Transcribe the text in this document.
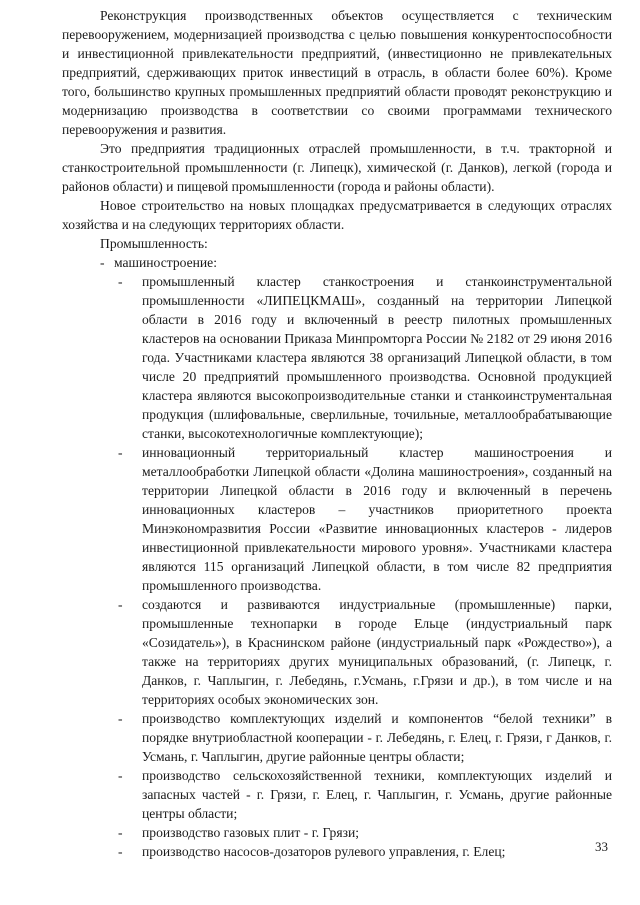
Реконструкция производственных объектов осуществляется с техническим перевооружением, модернизацией производства с целью повышения конкурентоспособности и инвестиционной привлекательности предприятий, (инвестиционно не привлекательных предприятий, сдерживающих приток инвестиций в отрасль, в области более 60%). Кроме того, большинство крупных промышленных предприятий области проводят реконструкцию и модернизацию производства в соответствии со своими программами технического перевооружения и развития.

Это предприятия традиционных отраслей промышленности, в т.ч. тракторной и станкостроительной промышленности (г. Липецк), химической (г. Данков), легкой (города и районов области) и пищевой промышленности (города и районы области).

Новое строительство на новых площадках предусматривается в следующих отраслях хозяйства и на следующих территориях области.

Промышленность:

- машиностроение:

- промышленный кластер станкостроения и станкоинструментальной промышленности «ЛИПЕЦКМАШ», созданный на территории Липецкой области в 2016 году и включенный в реестр пилотных промышленных кластеров на основании Приказа Минпромторга России № 2182 от 29 июня 2016 года. Участниками кластера являются 38 организаций Липецкой области, в том числе 20 предприятий промышленного производства. Основной продукцией кластера являются высокопроизводительные станки и станкоинструментальная продукция (шлифовальные, сверлильные, точильные, металлообрабатывающие станки, высокотехнологичные комплектующие);
- инновационный территориальный кластер машиностроения и металлообработки Липецкой области «Долина машиностроения», созданный на территории Липецкой области в 2016 году и включенный в перечень инновационных кластеров – участников приоритетного проекта Минэкономразвития России «Развитие инновационных кластеров - лидеров инвестиционной привлекательности мирового уровня». Участниками кластера являются 115 организаций Липецкой области, в том числе 82 предприятия промышленного производства.
- создаются и развиваются индустриальные (промышленные) парки, промышленные технопарки в городе Ельце (индустриальный парк «Созидатель»), в Краснинском районе (индустриальный парк «Рождество»), а также на территориях других муниципальных образований, (г. Липецк, г. Данков, г. Чаплыгин, г. Лебедянь, г.Усмань, г.Грязи и др.), в том числе и на территориях особых экономических зон.
- производство комплектующих изделий и компонентов “белой техники” в порядке внутриобластной кооперации - г. Лебедянь, г. Елец, г. Грязи, г Данков, г. Усмань, г. Чаплыгин, другие районные центры области;
- производство сельскохозяйственной техники, комплектующих изделий и запасных частей - г. Грязи, г. Елец, г. Чаплыгин, г. Усмань, другие районные центры области;
- производство газовых плит - г. Грязи;
- производство насосов-дозаторов рулевого управления, г. Елец;	33
